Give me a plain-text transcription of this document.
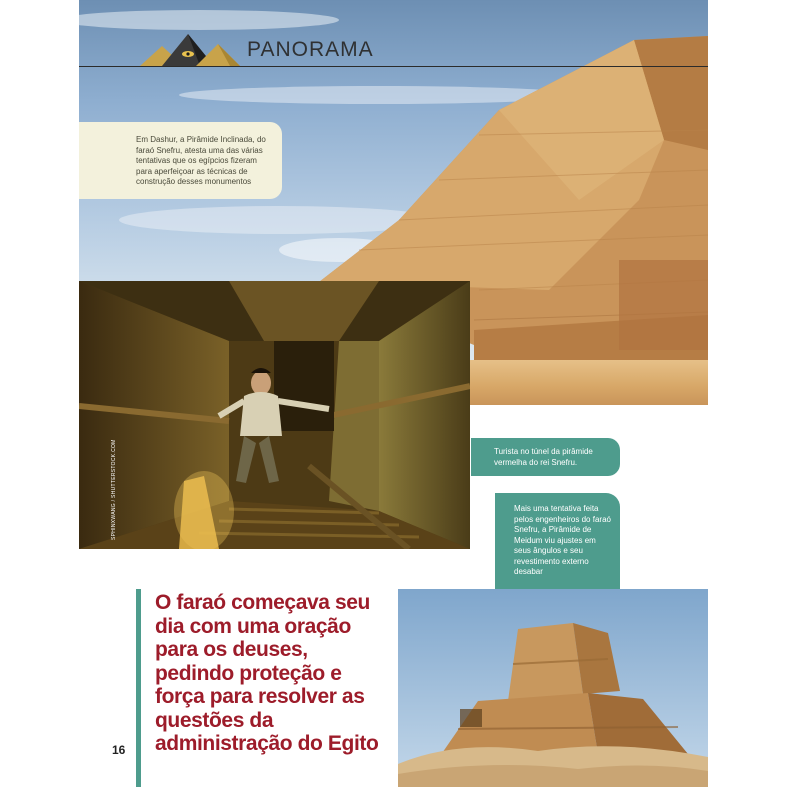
PANORAMA
Em Dashur, a Pirâmide Inclinada, do faraó Snefru, atesta uma das várias tentativas que os egípcios fizeram para aperfeiçoar as técnicas de construção desses monumentos
SPHINXWANG / SHUTTERSTOCK.COM	Turista no túnel da pirâmide vermelha do rei Snefru.
Mais uma tentativa feita pelos engenheiros do faraó Snefru, a Pirâmide de Meidum viu ajustes em seus ângulos e seu revestimento externo desabar
O faraó começava seu dia com uma oração para os deuses, pedindo proteção e força para resolver as questões da administração do Egito
16
